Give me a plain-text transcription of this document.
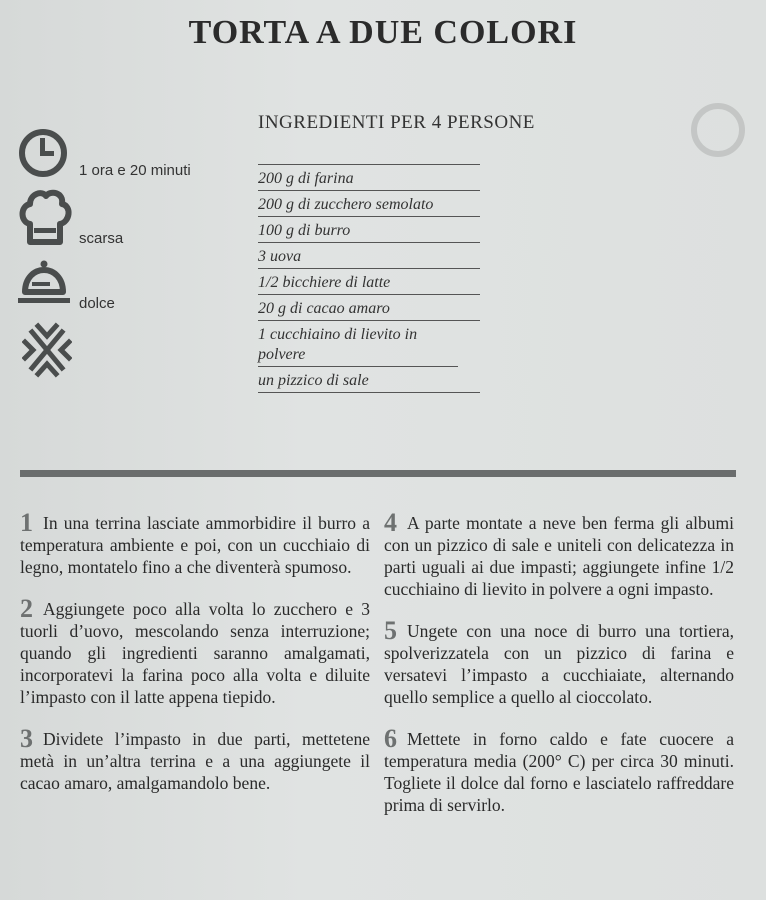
TORTA A DUE COLORI
INGREDIENTI PER 4 PERSONE
200 g di farina
200 g di zucchero semolato
100 g di burro
3 uova
1/2 bicchiere di latte
20 g di cacao amaro
1 cucchiaino di lievito in polvere
un pizzico di sale
1 ora e 20 minuti
scarsa
dolce

1 In una terrina lasciate ammorbidire il burro a temperatura ambiente e poi, con un cucchiaio di legno, montatelo fino a che diventerà spumoso.

2 Aggiungete poco alla volta lo zucchero e 3 tuorli d’uovo, mescolando senza interruzione; quando gli ingredienti saranno amalgamati, incorporatevi la farina poco alla volta e diluite l’impasto con il latte appena tiepido.

3 Dividete l’impasto in due parti, mettetene metà in un’altra terrina e a una aggiungete il cacao amaro, amalgamandolo bene.

4 A parte montate a neve ben ferma gli albumi con un pizzico di sale e uniteli con delicatezza in parti uguali ai due impasti; aggiungete infine 1/2 cucchiaino di lievito in polvere a ogni impasto.

5 Ungete con una noce di burro una tortiera, spolverizzatela con un pizzico di farina e versatevi l’impasto a cucchiaiate, alternando quello semplice a quello al cioccolato.

6 Mettete in forno caldo e fate cuocere a temperatura media (200° C) per circa 30 minuti. Togliete il dolce dal forno e lasciatelo raffreddare prima di servirlo.
